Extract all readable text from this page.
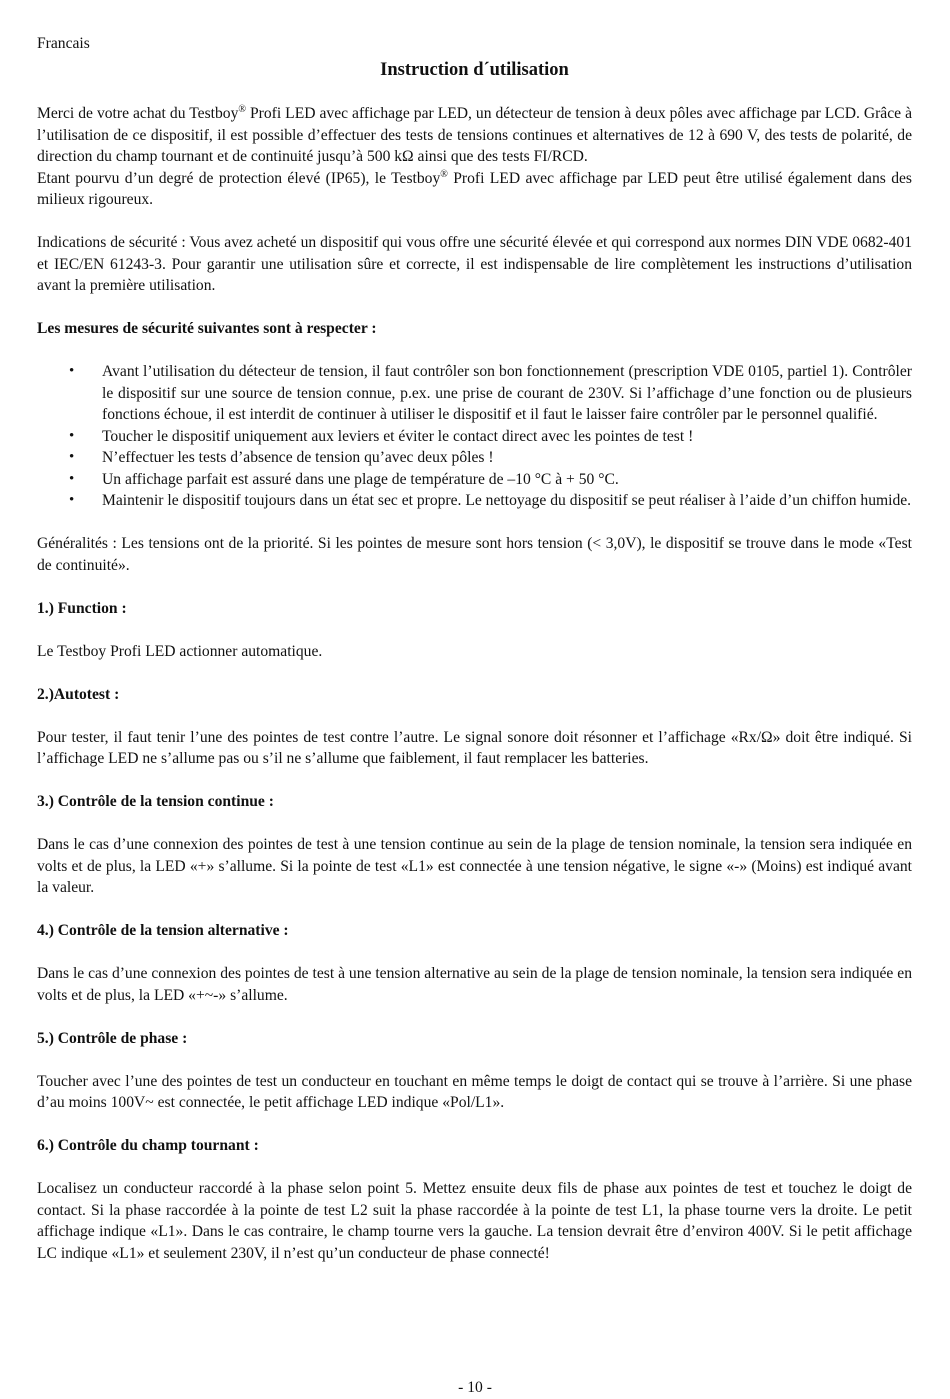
Francais

Instruction d´utilisation

Merci de votre achat du Testboy® Profi LED avec affichage par LED, un détecteur de tension à deux pôles avec affichage par LCD. Grâce à l’utilisation de ce dispositif, il est possible d’effectuer des tests de tensions continues et alternatives de 12 à 690 V, des tests de polarité, de direction du champ tournant et de continuité jusqu’à 500 kΩ ainsi que des tests FI/RCD.

Etant pourvu d’un degré de protection élevé (IP65), le Testboy® Profi LED avec affichage par LED peut être utilisé également dans des milieux rigoureux.

Indications de sécurité : Vous avez acheté un dispositif qui vous offre une sécurité élevée et qui correspond aux normes DIN VDE 0682-401 et IEC/EN 61243-3. Pour garantir une utilisation sûre et correcte, il est indispensable de lire complètement les instructions d’utilisation avant la première utilisation.

Les mesures de sécurité suivantes sont à respecter :
• Avant l’utilisation du détecteur de tension, il faut contrôler son bon fonctionnement (prescription VDE 0105, partiel 1). Contrôler le dispositif sur une source de tension connue, p.ex. une prise de courant de 230V. Si l’affichage d’une fonction ou de plusieurs fonctions échoue, il est interdit de continuer à utiliser le dispositif et il faut le laisser faire contrôler par le personnel qualifié.
• Toucher le dispositif uniquement aux leviers et éviter le contact direct avec les pointes de test !
• N’effectuer les tests d’absence de tension qu’avec deux pôles !
• Un affichage parfait est assuré dans une plage de température de –10 °C à + 50 °C.
• Maintenir le dispositif toujours dans un état sec et propre. Le nettoyage du dispositif se peut réaliser à l’aide d’un chiffon humide.

Généralités : Les tensions ont de la priorité. Si les pointes de mesure sont hors tension (< 3,0V), le dispositif se trouve dans le mode «Test de continuité».

1.) Function :

Le Testboy Profi LED actionner automatique.

2.)Autotest :

Pour tester, il faut tenir l’une des pointes de test contre l’autre. Le signal sonore doit résonner et l’affichage «Rx/Ω» doit être indiqué. Si l’affichage LED ne s’allume pas ou s’il ne s’allume que faiblement, il faut remplacer les batteries.

3.) Contrôle de la tension continue :

Dans le cas d’une connexion des pointes de test à une tension continue au sein de la plage de tension nominale, la tension sera indiquée en volts et de plus, la LED «+» s’allume. Si la pointe de test «L1» est connectée à une tension négative, le signe «-» (Moins) est indiqué avant la valeur.

4.) Contrôle de la tension alternative :

Dans le cas d’une connexion des pointes de test à une tension alternative au sein de la plage de tension nominale, la tension sera indiquée en volts et de plus, la LED «+~-» s’allume.

5.) Contrôle de phase :

Toucher avec l’une des pointes de test un conducteur en touchant en même temps le doigt de contact qui se trouve à l’arrière. Si une phase d’au moins 100V~ est connectée, le petit affichage LED indique «Pol/L1».

6.) Contrôle du champ tournant :

Localisez un conducteur raccordé à la phase selon point 5. Mettez ensuite deux fils de phase aux pointes de test et touchez le doigt de contact. Si la phase raccordée à la pointe de test L2 suit la phase raccordée à la pointe de test L1, la phase tourne vers la droite. Le petit affichage indique «L1». Dans le cas contraire, le champ tourne vers la gauche. La tension devrait être d’environ 400V. Si le petit affichage LC indique «L1» et seulement 230V, il n’est qu’un conducteur de phase connecté!

- 10 -
